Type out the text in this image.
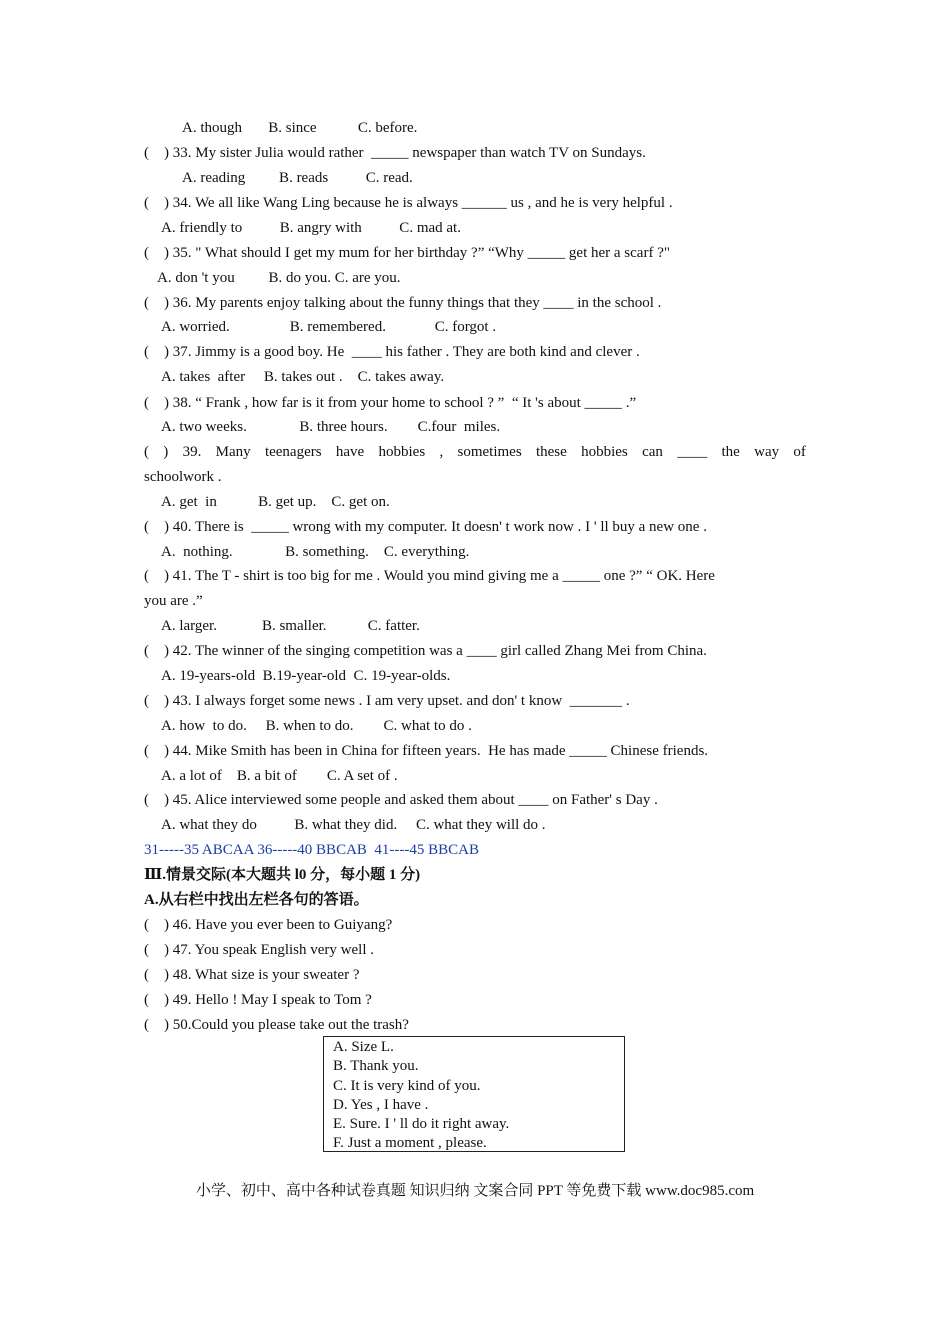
A. though       B. since           C. before.
(    ) 33. My sister Julia would rather  _____ newspaper than watch TV on Sundays.
A. reading         B. reads          C. read.
(    ) 34. We all like Wang Ling because he is always ______ us , and he is very helpful .
A. friendly to          B. angry with          C. mad at.
(    ) 35. " What should I get my mum for her birthday ?” “Why _____ get her a scarf ?"
A. don 't you         B. do you. C. are you.
(    ) 36. My parents enjoy talking about the funny things that they ____ in the school .
A. worried.                B. remembered.             C. forgot .
(    ) 37. Jimmy is a good boy. He  ____ his father . They are both kind and clever .
A. takes  after     B. takes out .    C. takes away.
(    ) 38. “ Frank , how far is it from your home to school ? ”  “ It 's about _____ .”
A. two weeks.              B. three hours.        C.four  miles.
schoolwork .
A. get  in           B. get up.    C. get on.
(    ) 40. There is  _____ wrong with my computer. It doesn' t work now . I ' ll buy a new one .
A.  nothing.              B. something.    C. everything.
(    ) 41. The T - shirt is too big for me . Would you mind giving me a _____ one ?” “ OK. Here
you are .”
A. larger.            B. smaller.           C. fatter.
(    ) 42. The winner of the singing competition was a ____ girl called Zhang Mei from China.
A. 19-years-old  B.19-year-old  C. 19-year-olds.
(    ) 43. I always forget some news . I am very upset. and don' t know  _______ .
A. how  to do.     B. when to do.        C. what to do .
(    ) 44. Mike Smith has been in China for fifteen years.  He has made _____ Chinese friends.
A. a lot of    B. a bit of        C. A set of .
(    ) 45. Alice interviewed some people and asked them about ____ on Father' s Day .
A. what they do          B. what they did.     C. what they will do .
( ) 39. Many teenagers have hobbies , sometimes these hobbies can ____ the way of
31-----35 ABCAA 36-----40 BBCAB  41----45 BBCAB
Ⅲ.情景交际(本大题共 l0 分，每小题 1 分)
A.从右栏中找出左栏各句的答语。
(    ) 46. Have you ever been to Guiyang?
(    ) 47. You speak English very well .
(    ) 48. What size is your sweater ?
(    ) 49. Hello ! May I speak to Tom ?
(    ) 50.Could you please take out the trash?
A. Size L.
B. Thank you.
C. It is very kind of you.
D. Yes , I have .
E. Sure. I ' ll do it right away.
F. Just a moment , please.
小学、初中、高中各种试卷真题 知识归纳 文案合同 PPT 等免费下载 www.doc985.com
